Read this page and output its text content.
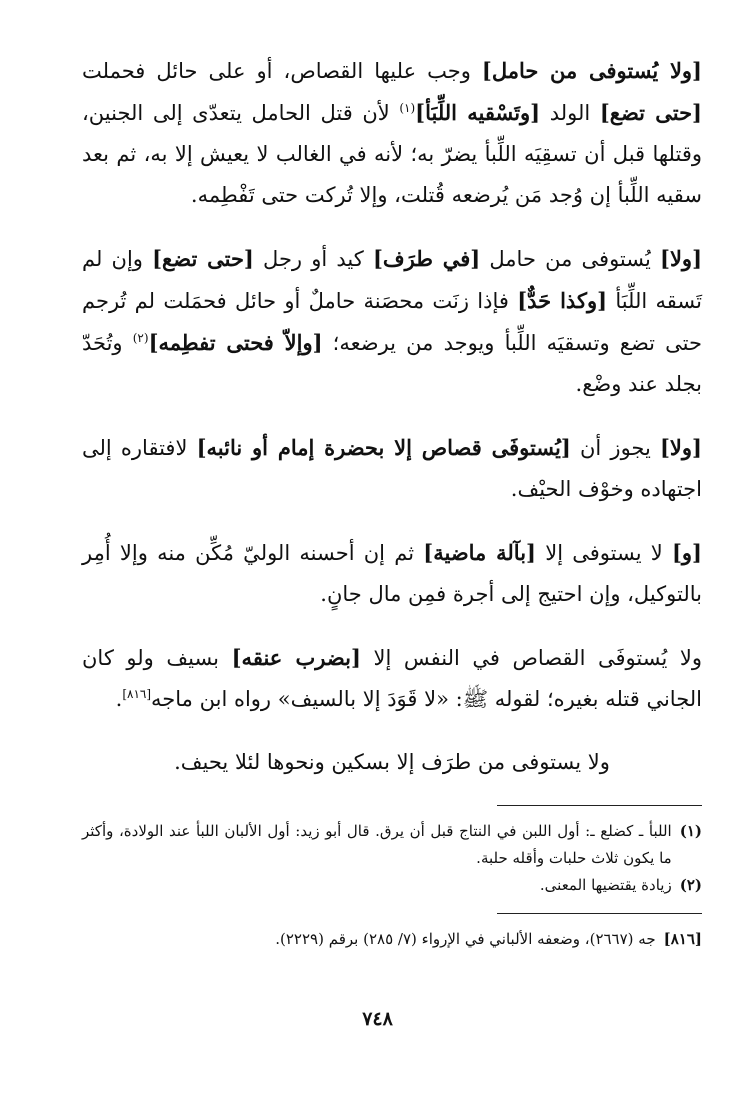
[ولا يُستوفى من حامل] وجب عليها القصاص، أو على حائل فحملت [حتى تضع] الولد [وتَسْقيه اللِّبَأ]$^{(١)}$ لأن قتل الحامل يتعدّى إلى الجنين، وقتلها قبل أن تسقِيَه اللِّبأ يضرّ به؛ لأنه في الغالب لا يعيش إلا به، ثم بعد سقيه اللِّبأ إن وُجد مَن يُرضعه قُتلت، وإلا تُركت حتى تَفْطِمه.

[ولا] يُستوفى من حامل [في طرَف] كيد أو رجل [حتى تضع] وإن لم تَسقه اللِّبَأ [وكذا حَدٌّ] فإذا زنَت محصَنة حاملٌ أو حائل فحمَلت لم تُرجم حتى تضع وتسقيَه اللِّبأ ويوجد من يرضعه؛ [وإلاّ فحتى تفطِمه]$^{(٢)}$ وتُحَدّ بجلد عند وضْع.

[ولا] يجوز أن [يُستوفَى قصاص إلا بحضرة إمام أو نائبه] لافتقاره إلى اجتهاده وخوْف الحيْف.

[و] لا يستوفى إلا [بآلة ماضية] ثم إن أحسنه الوليّ مُكِّن منه وإلا أُمِر بالتوكيل، وإن احتيج إلى أجرة فمِن مال جانٍ.

ولا يُستوفَى القصاص في النفس إلا [بضرب عنقه] بسيف ولو كان الجاني قتله بغيره؛ لقوله ﷺ: «لا قَوَدَ إلا بالسيف» رواه ابن ماجه[٨١٦].

ولا يستوفى من طرَف إلا بسكين ونحوها لئلا يحيف.

(١)
اللبأ ـ كضلع ـ: أول اللبن في النتاج قبل أن يرق. قال أبو زيد: أول الألبان اللبأ عند الولادة، وأكثر ما يكون ثلاث حلبات وأقله حلبة.
(٢)
زيادة يقتضيها المعنى.
[٨١٦]
جه (٢٦٦٧)، وضعفه الألباني في الإرواء (٧/ ٢٨٥) برقم (٢٢٢٩).
٧٤٨
